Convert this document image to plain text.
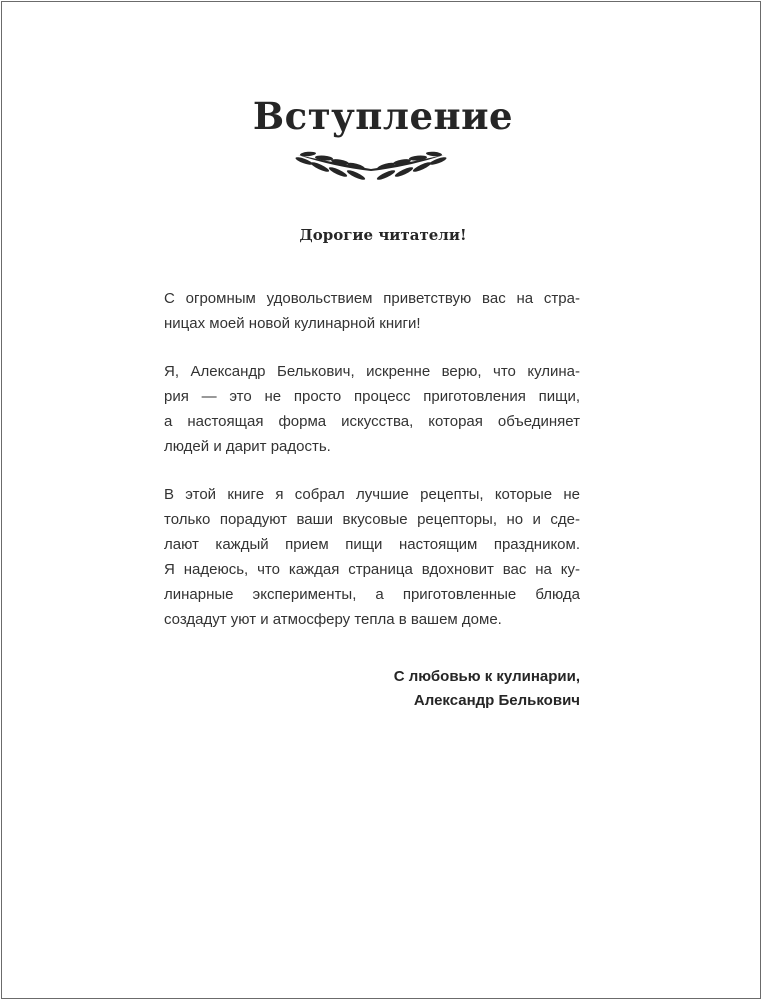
Вступление
Дорогие читатели!
С огромным удовольствием приветствую вас на стра-
ницах моей новой кулинарной книги!
Я, Александр Белькович, искренне верю, что кулина-
рия — это не просто процесс приготовления пищи,
а настоящая форма искусства, которая объединяет
людей и дарит радость.
В этой книге я собрал лучшие рецепты, которые не
только порадуют ваши вкусовые рецепторы, но и сде-
лают каждый прием пищи настоящим праздником.
Я надеюсь, что каждая страница вдохновит вас на ку-
линарные эксперименты, а приготовленные блюда
создадут уют и атмосферу тепла в вашем доме.
С любовью к кулинарии,
Александр Белькович
